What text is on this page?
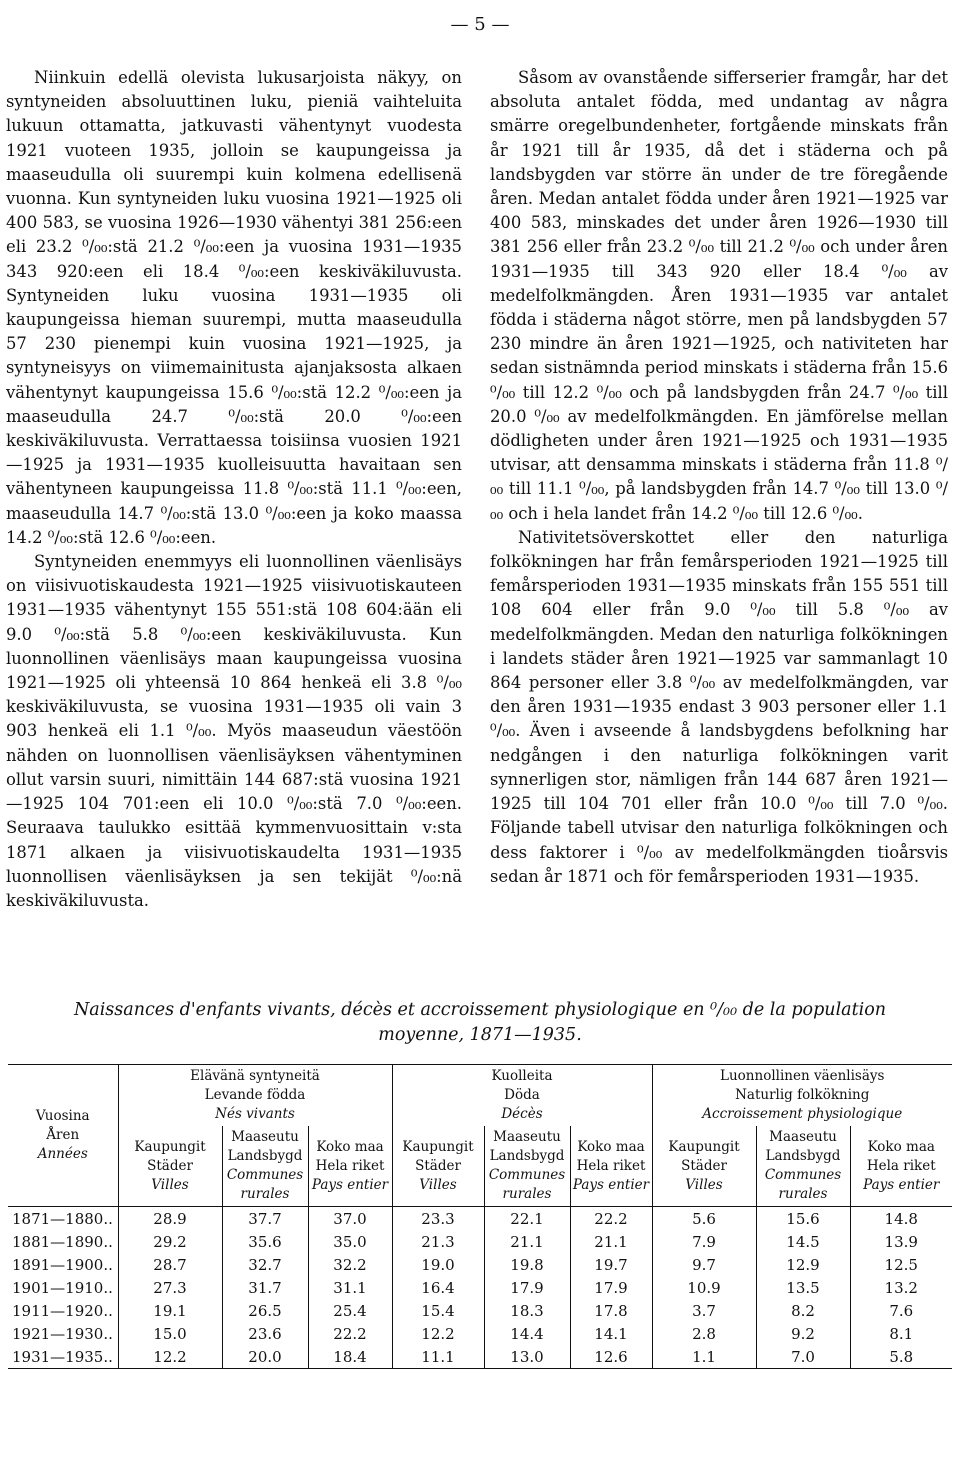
— 5 —

Niinkuin edellä olevista lukusarjoista näkyy, on syntyneiden absoluuttinen luku, pieniä vaihteluita lukuun ottamatta, jatkuvasti vähentynyt vuodesta 1921 vuoteen 1935, jolloin se kaupungeissa ja maaseudulla oli suurempi kuin kolmena edellisenä vuonna. Kun syntyneiden luku vuosina 1921—1925 oli 400 583, se vuosina 1926—1930 vähentyi 381 256:een eli 23.2 ⁰/₀₀:stä 21.2 ⁰/₀₀:een ja vuosina 1931—1935 343 920:een eli 18.4 ⁰/₀₀:een keskiväkiluvusta. Syntyneiden luku vuosina 1931—1935 oli kaupungeissa hieman suurempi, mutta maaseudulla 57 230 pienempi kuin vuosina 1921—1925, ja syntyneisyys on viimemainitusta ajanjaksosta alkaen vähentynyt kaupungeissa 15.6 ⁰/₀₀:stä 12.2 ⁰/₀₀:een ja maaseudulla 24.7 ⁰/₀₀:stä 20.0 ⁰/₀₀:een keskiväkiluvusta. Verrattaessa toisiinsa vuosien 1921—1925 ja 1931—1935 kuolleisuutta havaitaan sen vähentyneen kaupungeissa 11.8 ⁰/₀₀:stä 11.1 ⁰/₀₀:een, maaseudulla 14.7 ⁰/₀₀:stä 13.0 ⁰/₀₀:een ja koko maassa 14.2 ⁰/₀₀:stä 12.6 ⁰/₀₀:een.

Syntyneiden enemmyys eli luonnollinen väenlisäys on viisivuotiskaudesta 1921—1925 viisivuotiskauteen 1931—1935 vähentynyt 155 551:stä 108 604:ään eli 9.0 ⁰/₀₀:stä 5.8 ⁰/₀₀:een keskiväkiluvusta. Kun luonnollinen väenlisäys maan kaupungeissa vuosina 1921—1925 oli yhteensä 10 864 henkeä eli 3.8 ⁰/₀₀ keskiväkiluvusta, se vuosina 1931—1935 oli vain 3 903 henkeä eli 1.1 ⁰/₀₀. Myös maaseudun väestöön nähden on luonnollisen väenlisäyksen vähentyminen ollut varsin suuri, nimittäin 144 687:stä vuosina 1921—1925 104 701:een eli 10.0 ⁰/₀₀:stä 7.0 ⁰/₀₀:een. Seuraava taulukko esittää kymmenvuosittain v:sta 1871 alkaen ja viisivuotiskaudelta 1931—1935 luonnollisen väenlisäyksen ja sen tekijät ⁰/₀₀:nä keskiväkiluvusta.

Såsom av ovanstående sifferserier framgår, har det absoluta antalet födda, med undantag av några smärre oregelbundenheter, fortgående minskats från år 1921 till år 1935, då det i städerna och på landsbygden var större än under de tre föregående åren. Medan antalet födda under åren 1921—1925 var 400 583, minskades det under åren 1926—1930 till 381 256 eller från 23.2 ⁰/₀₀ till 21.2 ⁰/₀₀ och under åren 1931—1935 till 343 920 eller 18.4 ⁰/₀₀ av medelfolkmängden. Åren 1931—1935 var antalet födda i städerna något större, men på landsbygden 57 230 mindre än åren 1921—1925, och nativiteten har sedan sistnämnda period minskats i städerna från 15.6 ⁰/₀₀ till 12.2 ⁰/₀₀ och på landsbygden från 24.7 ⁰/₀₀ till 20.0 ⁰/₀₀ av medelfolkmängden. En jämförelse mellan dödligheten under åren 1921—1925 och 1931—1935 utvisar, att densamma minskats i städerna från 11.8 ⁰/₀₀ till 11.1 ⁰/₀₀, på landsbygden från 14.7 ⁰/₀₀ till 13.0 ⁰/₀₀ och i hela landet från 14.2 ⁰/₀₀ till 12.6 ⁰/₀₀.

Nativitetsöverskottet eller den naturliga folkökningen har från femårsperioden 1921—1925 till femårsperioden 1931—1935 minskats från 155 551 till 108 604 eller från 9.0 ⁰/₀₀ till 5.8 ⁰/₀₀ av medelfolkmängden. Medan den naturliga folkökningen i landets städer åren 1921—1925 var sammanlagt 10 864 personer eller 3.8 ⁰/₀₀ av medelfolkmängden, var den åren 1931—1935 endast 3 903 personer eller 1.1 ⁰/₀₀. Även i avseende å landsbygdens befolkning har nedgången i den naturliga folkökningen varit synnerligen stor, nämligen från 144 687 åren 1921—1925 till 104 701 eller från 10.0 ⁰/₀₀ till 7.0 ⁰/₀₀. Följande tabell utvisar den naturliga folkökningen och dess faktorer i ⁰/₀₀ av medelfolkmängden tioårsvis sedan år 1871 och för femårsperioden 1931—1935.

Naissances d'enfants vivants, décès et accroissement physiologique en ⁰/₀₀ de la population moyenne, 1871—1935.
Vuosina
Åren
Années	Elävänä syntyneitä
Levande födda
Nés vivants			Kuolleita
Döda
Décès			Luonnollinen väenlisäys
Naturlig folkökning
Accroissement physiologique		
	Kaupungit
Städer
Villes	Maaseutu
Landsbygd
Communes rurales	Koko maa
Hela riket
Pays entier	Kaupungit
Städer
Villes	Maaseutu
Landsbygd
Communes rurales	Koko maa
Hela riket
Pays entier	Kaupungit
Städer
Villes	Maaseutu
Landsbygd
Communes rurales	Koko maa
Hela riket
Pays entier
1871—1880..	28.9	37.7	37.0	23.3	22.1	22.2	5.6	15.6	14.8
1881—1890..	29.2	35.6	35.0	21.3	21.1	21.1	7.9	14.5	13.9
1891—1900..	28.7	32.7	32.2	19.0	19.8	19.7	9.7	12.9	12.5
1901—1910..	27.3	31.7	31.1	16.4	17.9	17.9	10.9	13.5	13.2
1911—1920..	19.1	26.5	25.4	15.4	18.3	17.8	3.7	8.2	7.6
1921—1930..	15.0	23.6	22.2	12.2	14.4	14.1	2.8	9.2	8.1
1931—1935..	12.2	20.0	18.4	11.1	13.0	12.6	1.1	7.0	5.8
